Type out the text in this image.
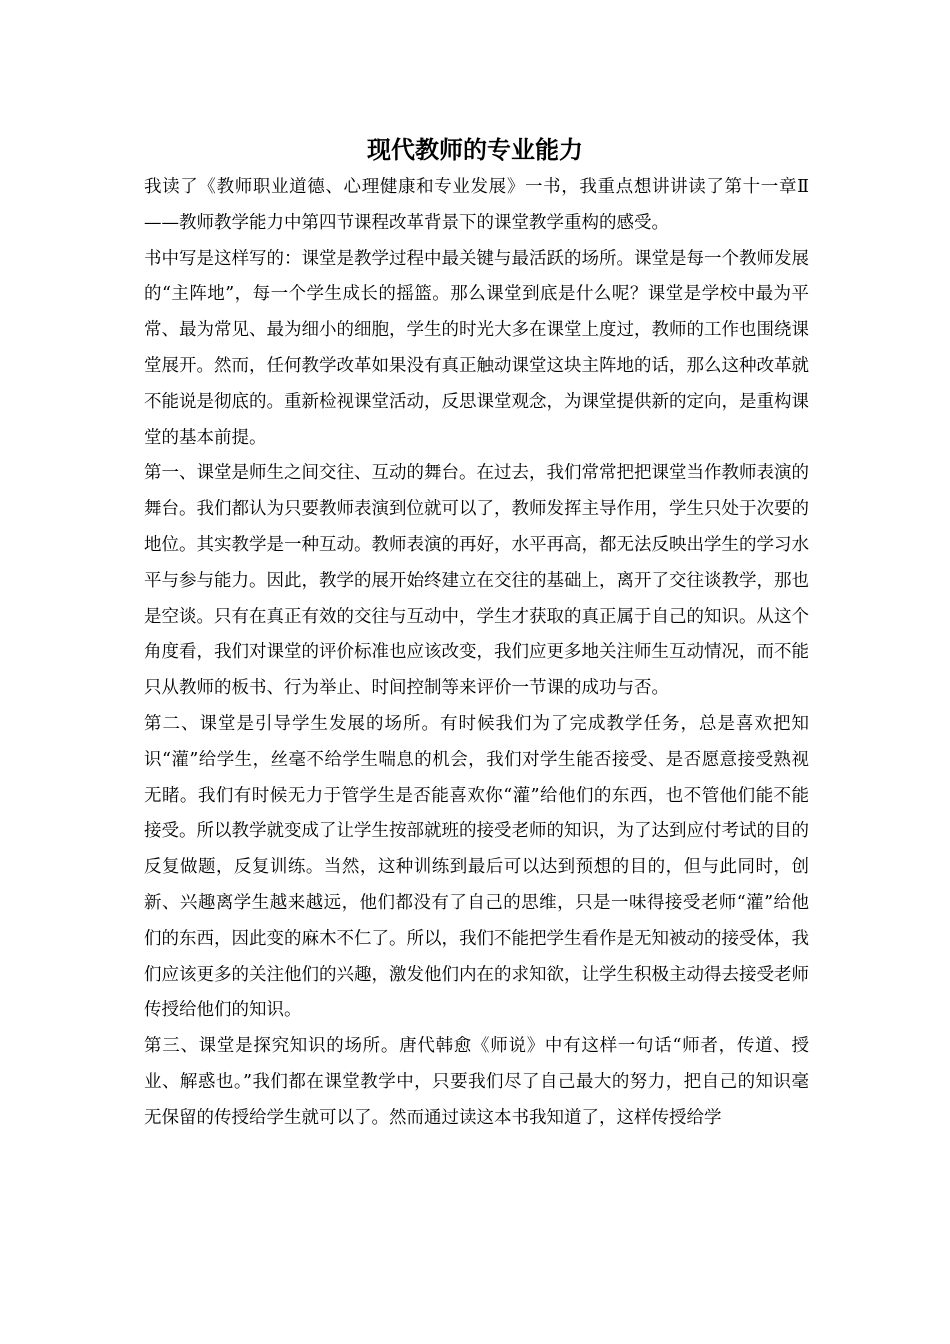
现代教师的专业能力

我读了《教师职业道德、心理健康和专业发展》一书，我重点想讲讲读了第十一章Ⅱ——教师教学能力中第四节课程改革背景下的课堂教学重构的感受。

书中写是这样写的：课堂是教学过程中最关键与最活跃的场所。课堂是每一个教师发展的“主阵地”，每一个学生成长的摇篮。那么课堂到底是什么呢？课堂是学校中最为平常、最为常见、最为细小的细胞，学生的时光大多在课堂上度过，教师的工作也围绕课堂展开。然而，任何教学改革如果没有真正触动课堂这块主阵地的话，那么这种改革就不能说是彻底的。重新检视课堂活动，反思课堂观念，为课堂提供新的定向，是重构课堂的基本前提。

第一、课堂是师生之间交往、互动的舞台。在过去，我们常常把把课堂当作教师表演的舞台。我们都认为只要教师表演到位就可以了，教师发挥主导作用，学生只处于次要的地位。其实教学是一种互动。教师表演的再好，水平再高，都无法反映出学生的学习水平与参与能力。因此，教学的展开始终建立在交往的基础上，离开了交往谈教学，那也是空谈。只有在真正有效的交往与互动中，学生才获取的真正属于自己的知识。从这个角度看，我们对课堂的评价标准也应该改变，我们应更多地关注师生互动情况，而不能只从教师的板书、行为举止、时间控制等来评价一节课的成功与否。

第二、课堂是引导学生发展的场所。有时候我们为了完成教学任务，总是喜欢把知识“灌”给学生，丝毫不给学生喘息的机会，我们对学生能否接受、是否愿意接受熟视无睹。我们有时候无力于管学生是否能喜欢你“灌”给他们的东西，也不管他们能不能接受。所以教学就变成了让学生按部就班的接受老师的知识，为了达到应付考试的目的反复做题，反复训练。当然，这种训练到最后可以达到预想的目的，但与此同时，创新、兴趣离学生越来越远，他们都没有了自己的思维，只是一味得接受老师“灌”给他们的东西，因此变的麻木不仁了。所以，我们不能把学生看作是无知被动的接受体，我们应该更多的关注他们的兴趣，激发他们内在的求知欲，让学生积极主动得去接受老师传授给他们的知识。

第三、课堂是探究知识的场所。唐代韩愈《师说》中有这样一句话“师者，传道、授业、解惑也。”我们都在课堂教学中，只要我们尽了自己最大的努力，把自己的知识毫无保留的传授给学生就可以了。然而通过读这本书我知道了，这样传授给学
